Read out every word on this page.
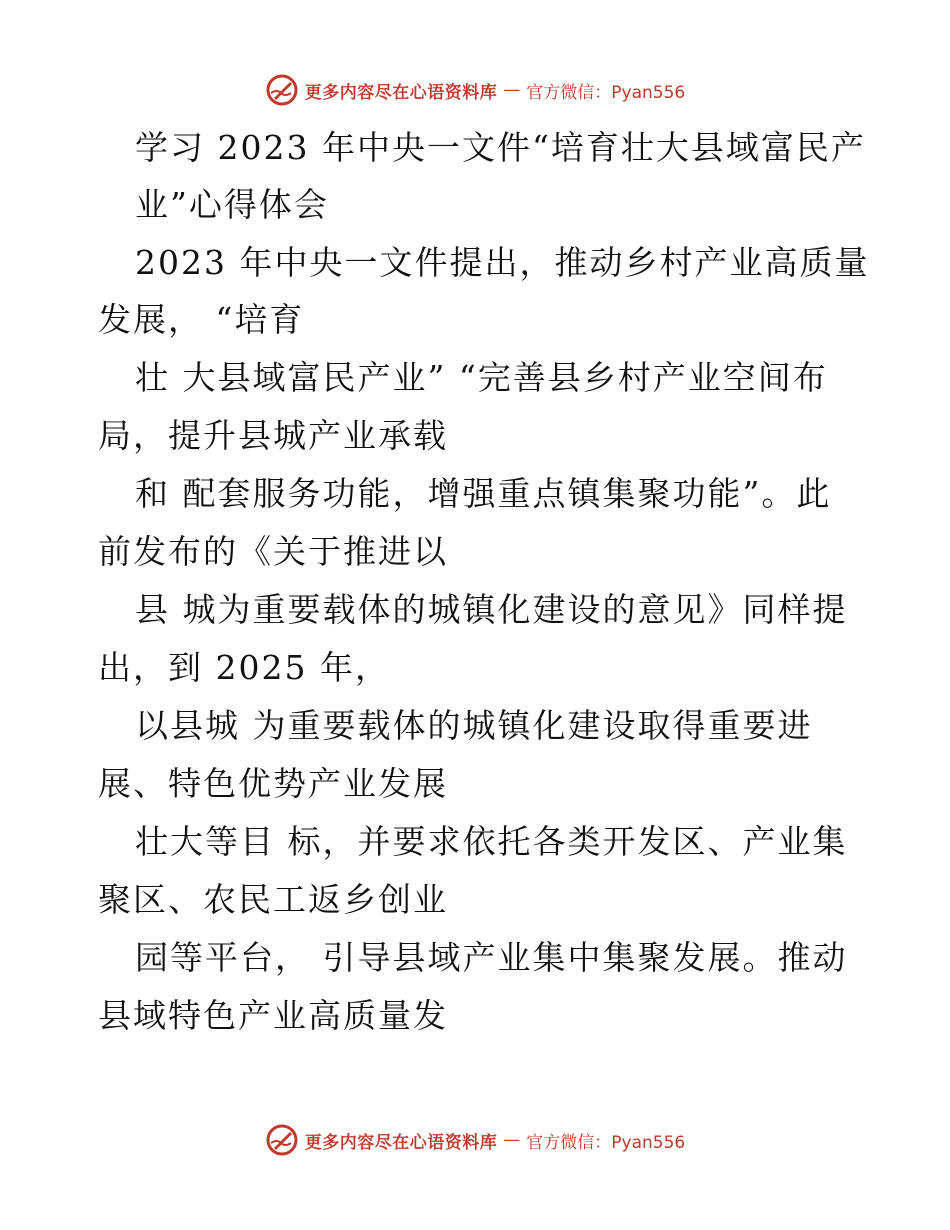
更多内容尽在心语资料库 — 官方微信：Pyan556
学习 2023 年中央一文件“培育壮大县域富民产
业”心得体会
2023 年中央一文件提出，推动乡村产业高质量
发展， “培育
壮 大县域富民产业” “完善县乡村产业空间布
局，提升县城产业承载
和 配套服务功能，增强重点镇集聚功能”。此
前发布的《关于推进以
县 城为重要载体的城镇化建设的意见》同样提
出，到 2025 年，
以县城 为重要载体的城镇化建设取得重要进
展、特色优势产业发展
壮大等目 标，并要求依托各类开发区、产业集
聚区、农民工返乡创业
园等平台， 引导县域产业集中集聚发展。推动
县域特色产业高质量发
更多内容尽在心语资料库 — 官方微信：Pyan556
